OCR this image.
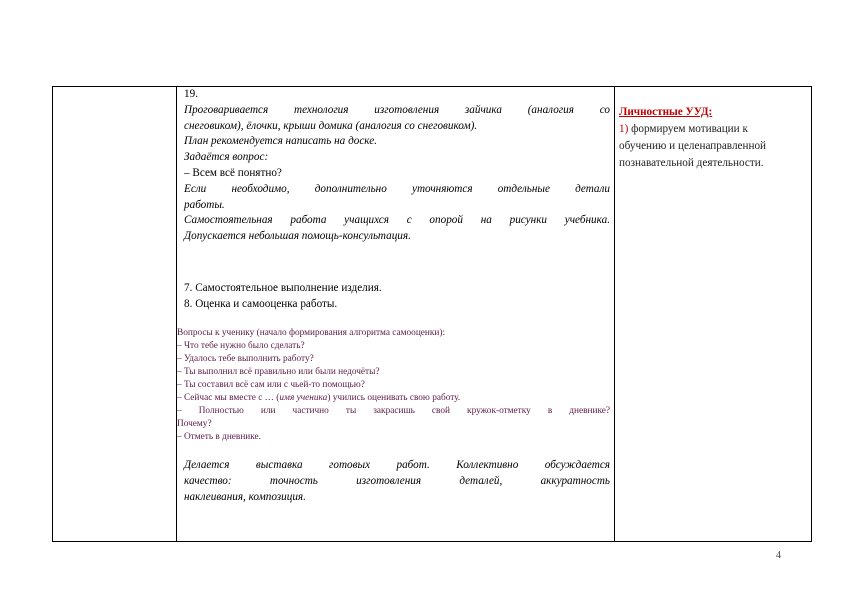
19.
Проговаривается технология изготовления зайчика (аналогия со
снеговиком), ёлочки, крыши домика (аналогия со снеговиком).
План рекомендуется написать на доске.
Задаётся вопрос:
– Всем всё понятно?
Если необходимо, дополнительно уточняются отдельные детали
работы.
Самостоятельная работа учащихся с опорой на рисунки учебника.
Допускается небольшая помощь-консультация.
7. Самостоятельное выполнение изделия.
8. Оценка и самооценка работы.
Вопросы к ученику (начало формирования алгоритма самооценки):
– Что тебе нужно было сделать?
– Удалось тебе выполнить работу?
– Ты выполнил всё правильно или были недочёты?
– Ты составил всё сам или с чьей-то помощью?
– Сейчас мы вместе с … (имя ученика) учились оценивать свою работу.
– Полностью или частично ты закрасишь свой кружок-отметку в дневнике?
Почему?
– Отметь в дневнике.
Делается выставка готовых работ. Коллективно обсуждается
качество: точность изготовления деталей, аккуратность
наклеивания, композиция.
Личностные УУД:
1) формируем мотивации к
обучению и целенаправленной
познавательной деятельности.
4
